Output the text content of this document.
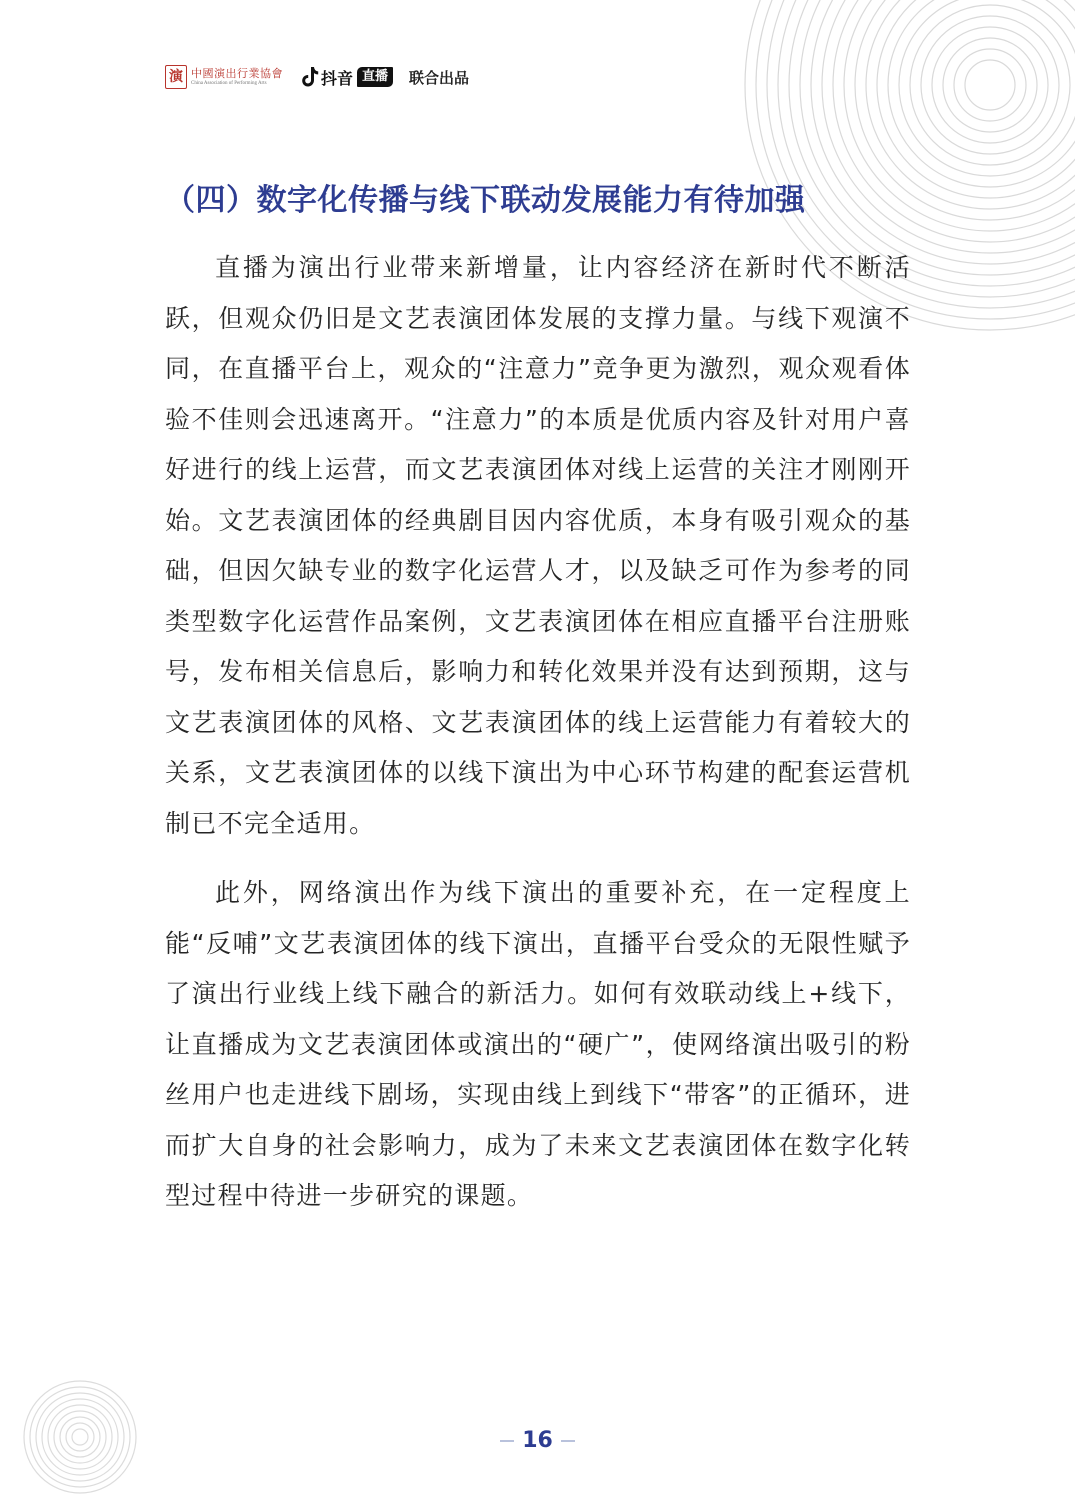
演 中國演出行業協會
China Association of Performing Arts	抖音 直播	联合出品
（四）数字化传播与线下联动发展能力有待加强

直播为演出行业带来新增量，让内容经济在新时代不断活跃，但观众仍旧是文艺表演团体发展的支撑力量。与线下观演不同，在直播平台上，观众的“注意力”竞争更为激烈，观众观看体验不佳则会迅速离开。“注意力”的本质是优质内容及针对用户喜好进行的线上运营，而文艺表演团体对线上运营的关注才刚刚开始。文艺表演团体的经典剧目因内容优质，本身有吸引观众的基础，但因欠缺专业的数字化运营人才，以及缺乏可作为参考的同类型数字化运营作品案例，文艺表演团体在相应直播平台注册账号，发布相关信息后，影响力和转化效果并没有达到预期，这与文艺表演团体的风格、文艺表演团体的线上运营能力有着较大的关系，文艺表演团体的以线下演出为中心环节构建的配套运营机制已不完全适用。

此外，网络演出作为线下演出的重要补充，在一定程度上能“反哺”文艺表演团体的线下演出，直播平台受众的无限性赋予了演出行业线上线下融合的新活力。如何有效联动线上+线下，让直播成为文艺表演团体或演出的“硬广”，使网络演出吸引的粉丝用户也走进线下剧场，实现由线上到线下“带客”的正循环，进而扩大自身的社会影响力，成为了未来文艺表演团体在数字化转型过程中待进一步研究的课题。

16
